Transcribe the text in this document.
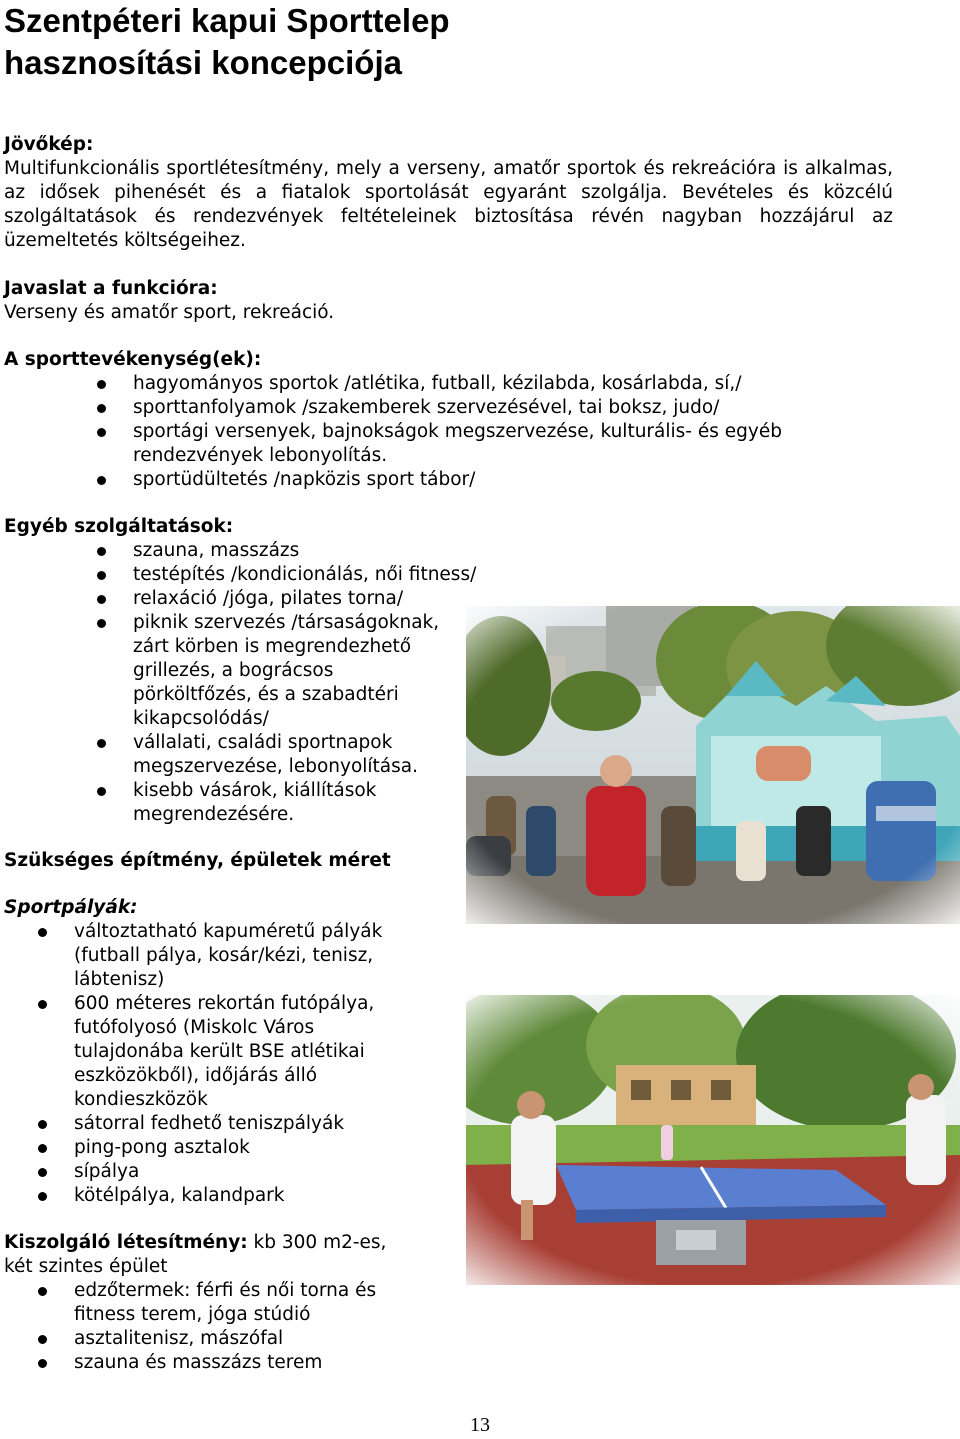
Szentpéteri kapui Sporttelep
hasznosítási koncepciója
Jövőkép:
Multifunkcionális sportlétesítmény, mely a verseny, amatőr sportok és rekreációra is alkalmas, az idősek pihenését és a fiatalok sportolását egyaránt szolgálja. Bevételes és közcélú szolgáltatások és rendezvények feltételeinek biztosítása révén nagyban hozzájárul az üzemeltetés költségeihez.
Javaslat a funkcióra:
Verseny és amatőr sport, rekreáció.
A sporttevékenység(ek):
hagyományos sportok /atlétika, futball, kézilabda, kosárlabda, sí,/
sporttanfolyamok /szakemberek szervezésével, tai boksz, judo/
sportági versenyek, bajnokságok megszervezése, kulturális- és egyéb rendezvények lebonyolítás.
sportüdültetés /napközis sport tábor/
Egyéb szolgáltatások:
szauna, masszázs
testépítés /kondicionálás, női fitness/
relaxáció /jóga, pilates torna/
piknik szervezés /társaságoknak, zárt körben is megrendezhető grillezés, a bográcsos pörköltfőzés, és a szabadtéri kikapcsolódás/
vállalati, családi sportnapok megszervezése, lebonyolítása.
kisebb vásárok, kiállítások megrendezésére.
Szükséges építmény, épületek méret
Sportpályák:
változtatható kapuméretű pályák (futball pálya, kosár/kézi, tenisz, lábtenisz)
600 méteres rekortán futópálya, futófolyosó (Miskolc Város tulajdonába került BSE atlétikai eszközökből), időjárás álló kondieszközök
sátorral fedhető teniszpályák
ping-pong asztalok
sípálya
kötélpálya, kalandpark
Kiszolgáló létesítmény: kb 300 m2-es,
két szintes épület
edzőtermek: férfi és női torna és fitness terem, jóga stúdió
asztalitenisz, mászófal
szauna és masszázs terem
13
